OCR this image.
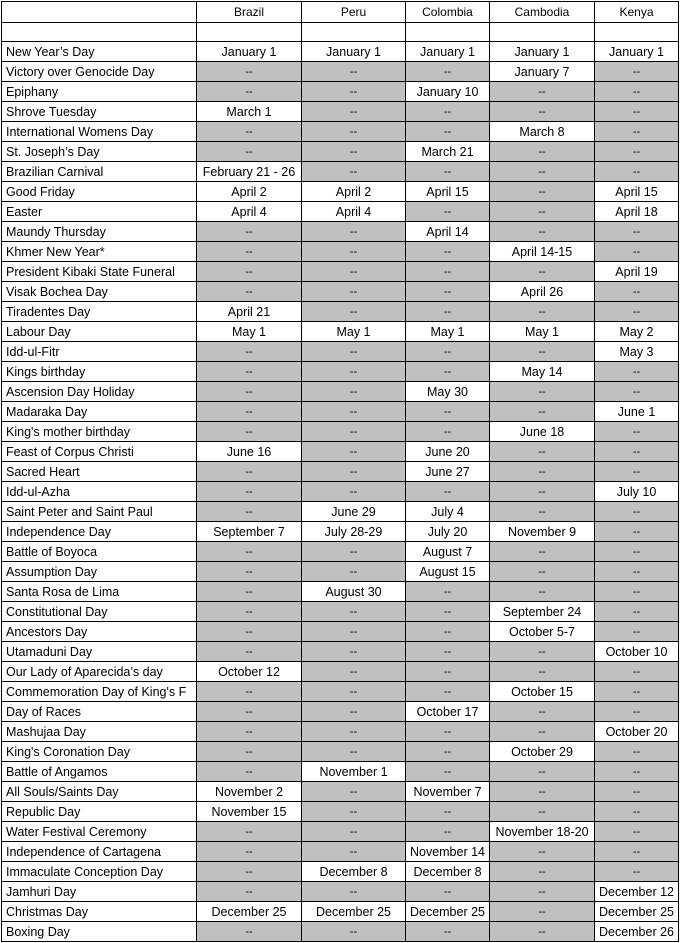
	Brazil	Peru	Colombia	Cambodia	Kenya

New Year’s Day	January 1	January 1	January 1	January 1	January 1
Victory over Genocide Day	--	--	--	January 7	--
Epiphany	--	--	January 10	--	--
Shrove Tuesday	March 1	--	--	--	--
International Womens Day	--	--	--	March 8	--
St. Joseph’s Day	--	--	March 21	--	--
Brazilian Carnival	February 21 - 26	--	--	--	--
Good Friday	April 2	April 2	April 15	--	April 15
Easter	April 4	April 4	--	--	April 18
Maundy Thursday	--	--	April 14	--	--
Khmer New Year*	--	--	--	April 14-15	--
President Kibaki State Funeral	--	--	--	--	April 19
Visak Bochea Day	--	--	--	April 26	--
Tiradentes Day	April 21	--	--	--	--
Labour Day	May 1	May 1	May 1	May 1	May 2
Idd-ul-Fitr	--	--	--	--	May 3
Kings birthday	--	--	--	May 14	--
Ascension Day Holiday	--	--	May 30	--	--
Madaraka Day	--	--	--	--	June 1
King's mother birthday	--	--	--	June 18	--
Feast of Corpus Christi	June 16	--	June 20	--	--
Sacred Heart	--	--	June 27	--	--
Idd-ul-Azha	--	--	--	--	July 10
Saint Peter and Saint Paul	--	June 29	July 4	--	--
Independence Day	September 7	July 28-29	July 20	November 9	--
Battle of Boyoca	--	--	August 7	--	--
Assumption Day	--	--	August 15	--	--
Santa Rosa de Lima	--	August 30	--	--	--
Constitutional Day	--	--	--	September 24	--
Ancestors Day	--	--	--	October 5-7	--
Utamaduni Day	--	--	--	--	October 10
Our Lady of Aparecida’s day	October 12	--	--	--	--
Commemoration Day of King's F	--	--	--	October 15	--
Day of Races	--	--	October 17	--	--
Mashujaa Day	--	--	--	--	October 20
King's Coronation Day	--	--	--	October 29	--
Battle of Angamos	--	November 1	--	--	--
All Souls/Saints Day	November 2	--	November 7	--	--
Republic Day	November 15	--	--	--	--
Water Festival Ceremony	--	--	--	November 18-20	--
Independence of Cartagena	--	--	November 14	--	--
Immaculate Conception Day	--	December 8	December 8	--	--
Jamhuri Day	--	--	--	--	December 12
Christmas Day	December 25	December 25	December 25	--	December 25
Boxing Day	--	--	--	--	December 26
